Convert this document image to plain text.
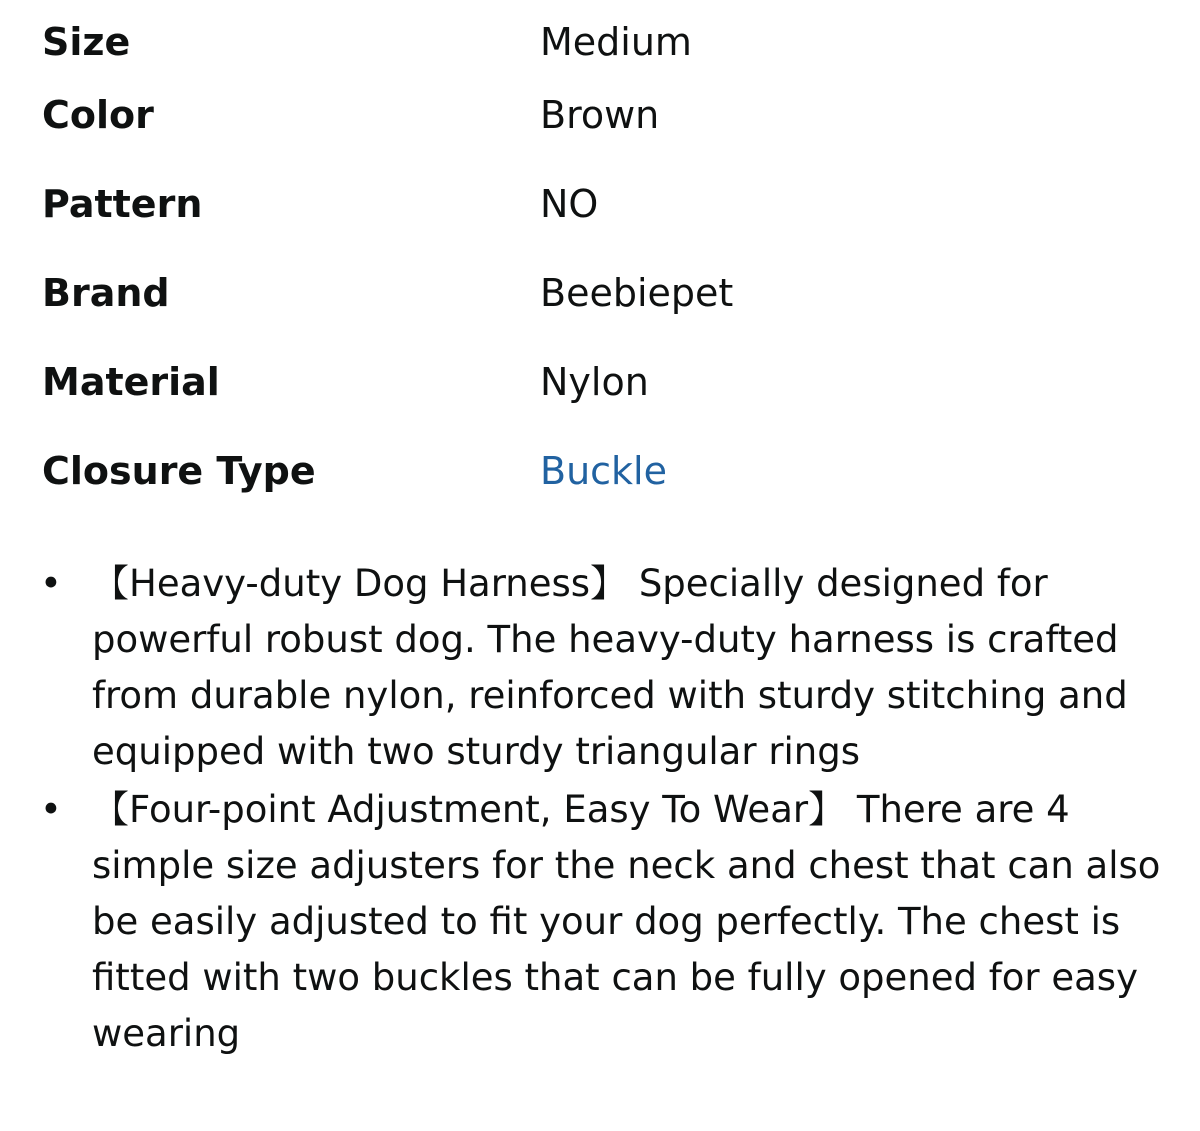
Size	Medium
Color	Brown
Pattern	NO
Brand	Beebiepet
Material	Nylon
Closure Type	Buckle
• 【Heavy-duty Dog Harness】 Specially designed for powerful robust dog. The heavy-duty harness is crafted from durable nylon, reinforced with sturdy stitching and equipped with two sturdy triangular rings
• 【Four-point Adjustment, Easy To Wear】 There are 4 simple size adjusters for the neck and chest that can also be easily adjusted to fit your dog perfectly. The chest is fitted with two buckles that can be fully opened for easy wearing
